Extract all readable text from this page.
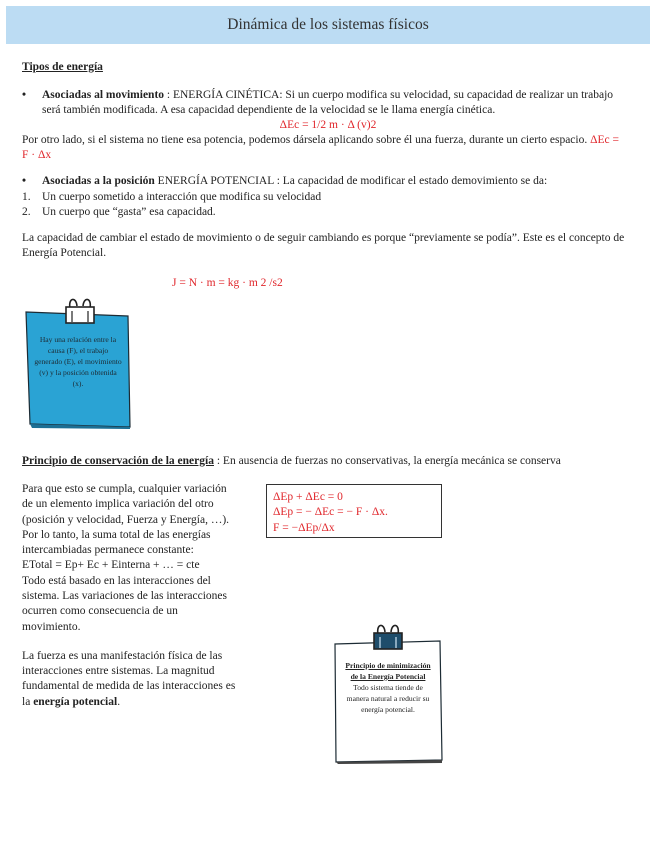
Dinámica de los sistemas físicos
Tipos de energía
•	Asociadas al movimiento : ENERGÍA CINÉTICA: Si un cuerpo modifica su velocidad, su capacidad de realizar un trabajo será también modificada. A esa capacidad dependiente de la velocidad se le llama energía cinética.
ΔEc = 1/2 m · Δ (v)2
Por otro lado, si el sistema no tiene esa potencia, podemos dársela aplicando sobre él una fuerza, durante un cierto espacio. ΔEc = F · Δx
•	Asociadas a la posición ENERGÍA POTENCIAL : La capacidad de modificar el estado demovimiento se da:
1. Un cuerpo sometido a interacción que modifica su velocidad
2. Un cuerpo que “gasta” esa capacidad.
La capacidad de cambiar el estado de movimiento o de seguir cambiando es porque “previamente se podía”. Este es el concepto de Energía Potencial.
J = N · m = kg · m 2 /s2
Hay una relación entre la causa (F), el trabajo generado (E), el movimiento (v) y la posición obtenida (x).
Principio de conservación de la energía : En ausencia de fuerzas no conservativas, la energía mecánica se conserva
Para que esto se cumpla, cualquier variación de un elemento implica variación del otro (posición y velocidad, Fuerza y Energía, …). Por lo tanto, la suma total de las energías intercambiadas permanece constante:
ETotal = Ep+ Ec + Einterna + … = cte
Todo está basado en las interacciones del sistema. Las variaciones de las interacciones ocurren como consecuencia de un movimiento.
La fuerza es una manifestación física de las interacciones entre sistemas. La magnitud fundamental de medida de las interacciones es la energía potencial.
ΔEp + ΔEc = 0
ΔEp = − ΔEc = − F · Δx.
F = −ΔEp/Δx
Principio de minimización de la Energía Potencial
Todo sistema tiende de manera natural a reducir su energía potencial.
